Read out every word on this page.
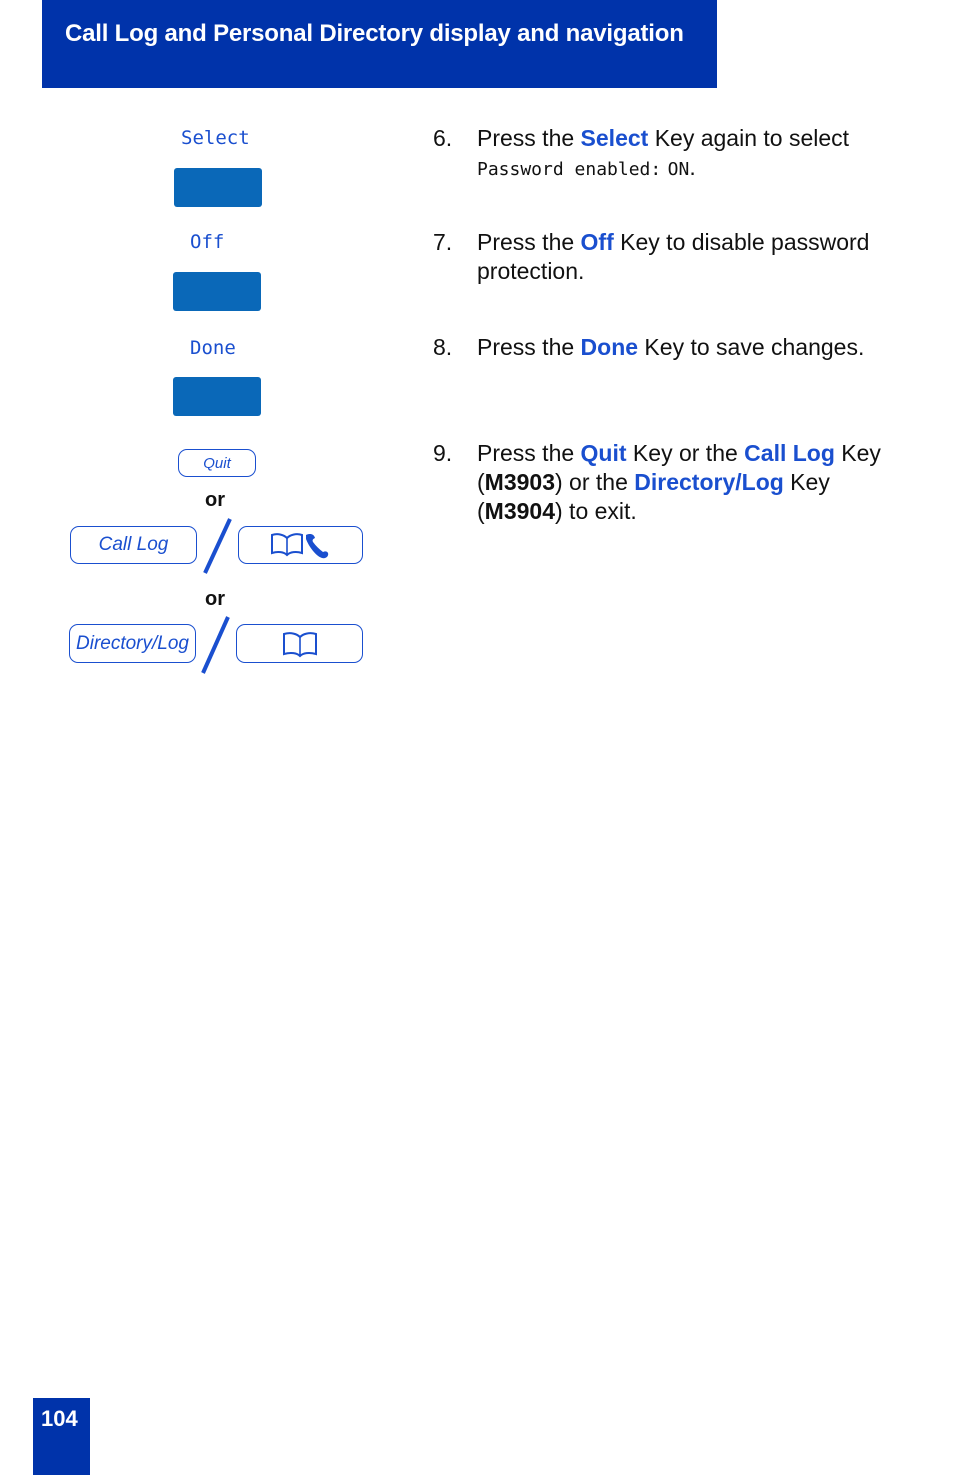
Call Log and Personal Directory display and navigation
Select
Off
Done
Quit
or
Call Log
or
Directory/Log
6. Press the Select Key again to select
Password enabled: ON.
7. Press the Off Key to disable password protection.
8. Press the Done Key to save changes.
9. Press the Quit Key or the Call Log Key (M3903) or the Directory/Log Key (M3904) to exit.
104
